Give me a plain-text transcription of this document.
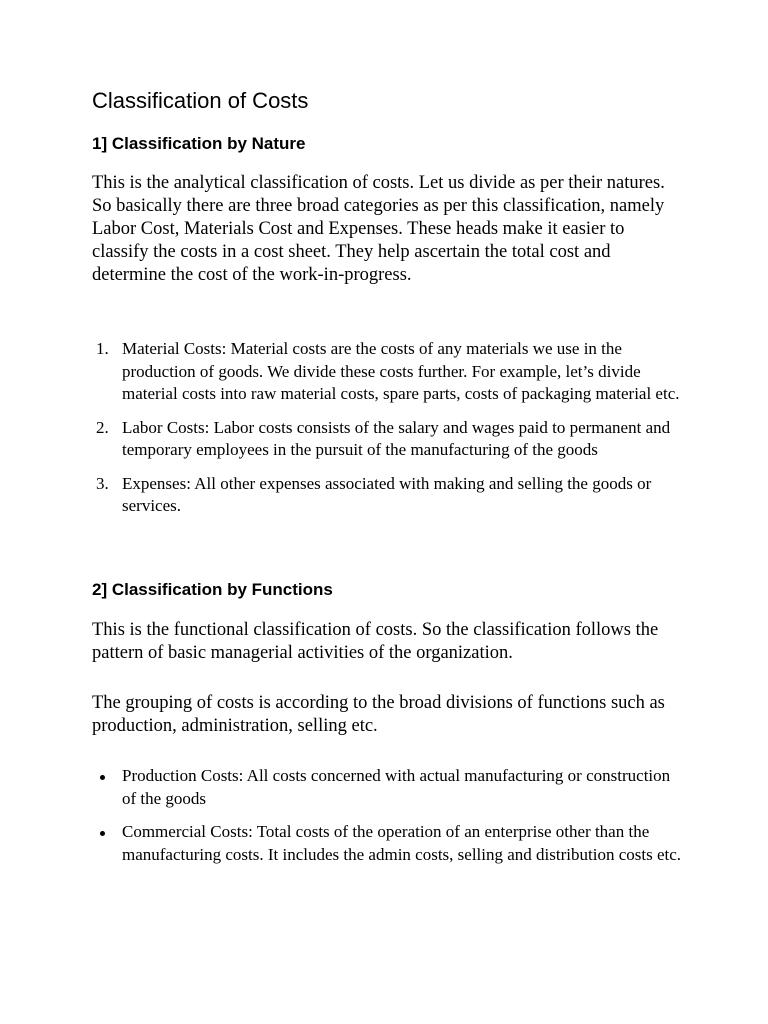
Classification of Costs
1] Classification by Nature

This is the analytical classification of costs. Let us divide as per their natures. So basically there are three broad categories as per this classification, namely Labor Cost, Materials Cost and Expenses. These heads make it easier to classify the costs in a cost sheet. They help ascertain the total cost and determine the cost of the work-in-progress.

1. Material Costs: Material costs are the costs of any materials we use in the production of goods. We divide these costs further. For example, let’s divide material costs into raw material costs, spare parts, costs of packaging material etc.
2. Labor Costs: Labor costs consists of the salary and wages paid to permanent and temporary employees in the pursuit of the manufacturing of the goods
3. Expenses: All other expenses associated with making and selling the goods or services.
2] Classification by Functions

This is the functional classification of costs. So the classification follows the pattern of basic managerial activities of the organization.

The grouping of costs is according to the broad divisions of functions such as production, administration, selling etc.

Production Costs: All costs concerned with actual manufacturing or construction of the goods
Commercial Costs: Total costs of the operation of an enterprise other than the manufacturing costs. It includes the admin costs, selling and distribution costs etc.
